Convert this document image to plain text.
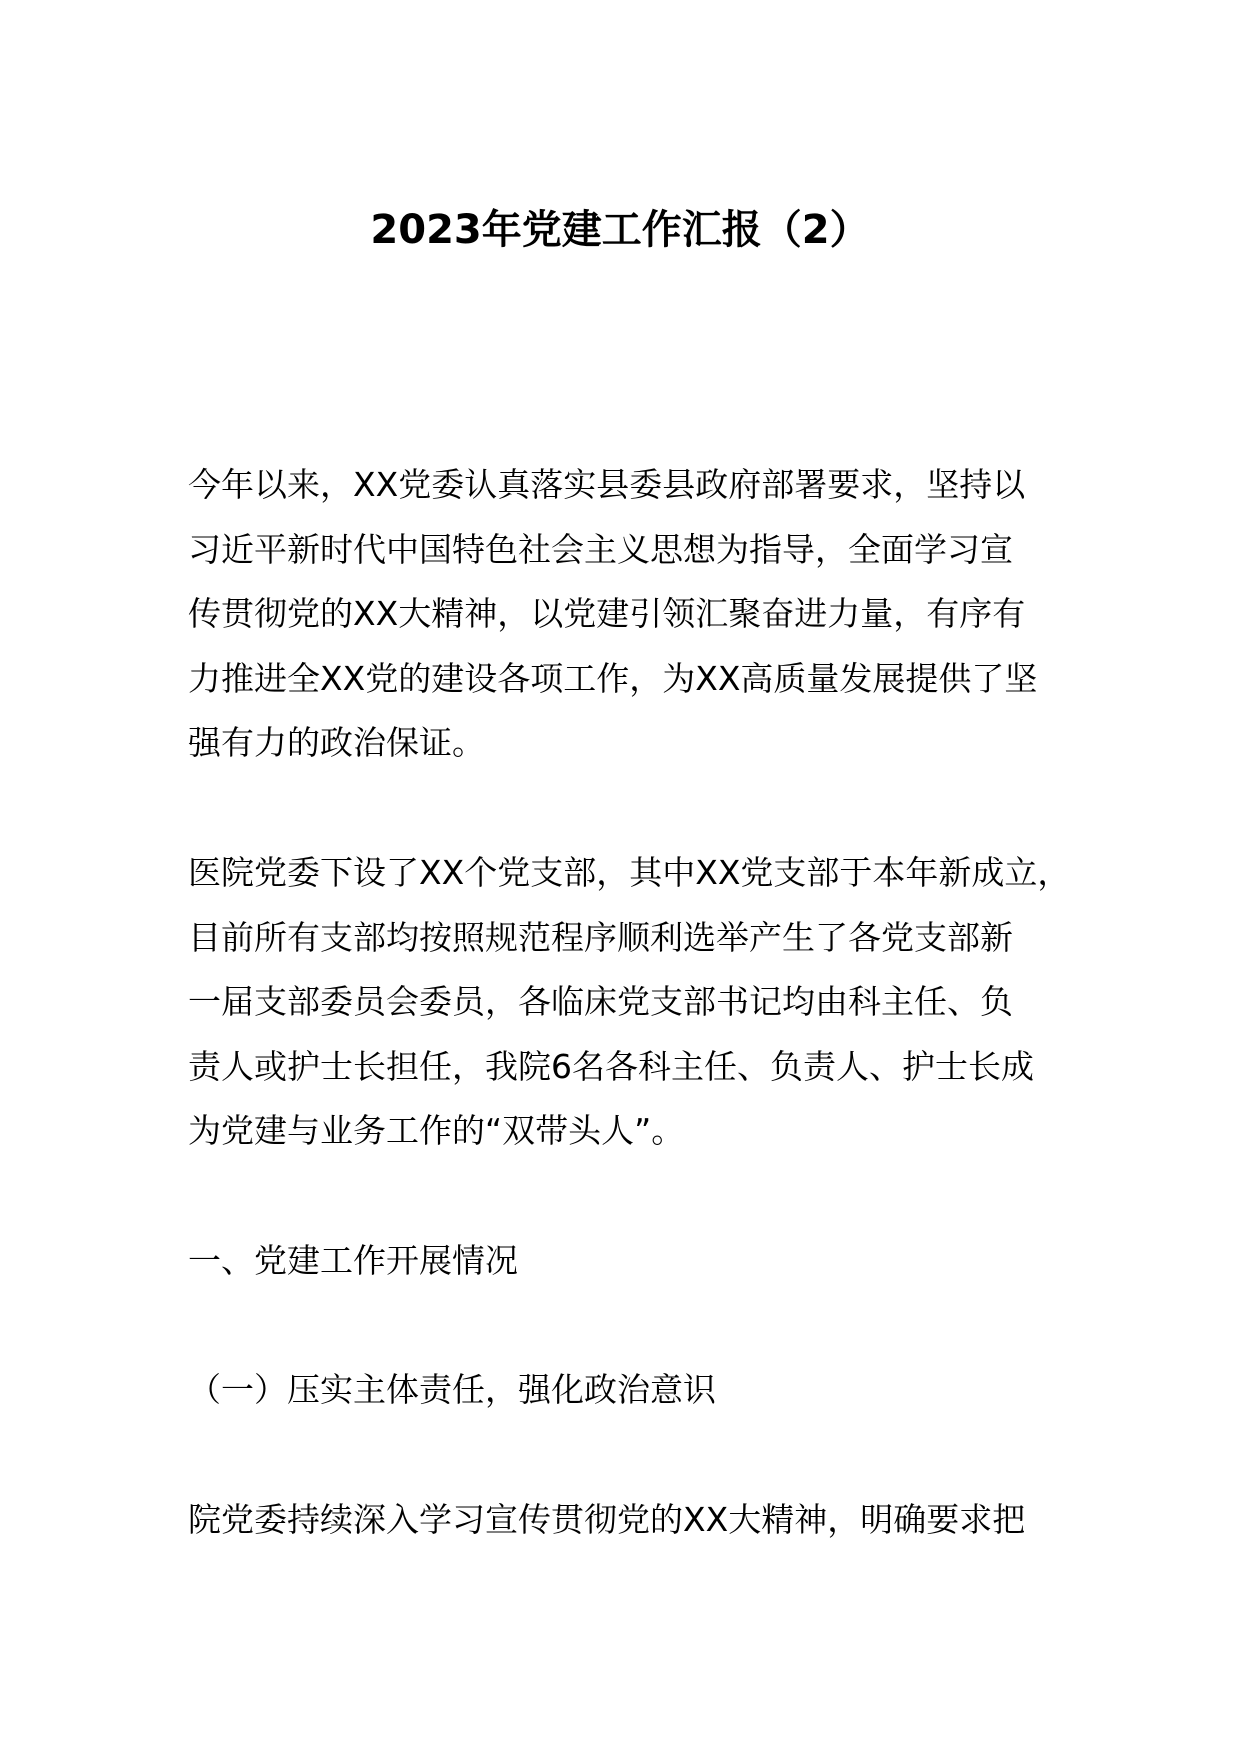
2023年党建工作汇报（2）

今年以来，XX党委认真落实县委县政府部署要求，坚持以
习近平新时代中国特色社会主义思想为指导，全面学习宣
传贯彻党的XX大精神，以党建引领汇聚奋进力量，有序有
力推进全XX党的建设各项工作，为XX高质量发展提供了坚
强有力的政治保证。

医院党委下设了XX个党支部，其中XX党支部于本年新成立，
目前所有支部均按照规范程序顺利选举产生了各党支部新
一届支部委员会委员，各临床党支部书记均由科主任、负
责人或护士长担任，我院6名各科主任、负责人、护士长成
为党建与业务工作的“双带头人”。

一、党建工作开展情况

（一）压实主体责任，强化政治意识

院党委持续深入学习宣传贯彻党的XX大精神，明确要求把
